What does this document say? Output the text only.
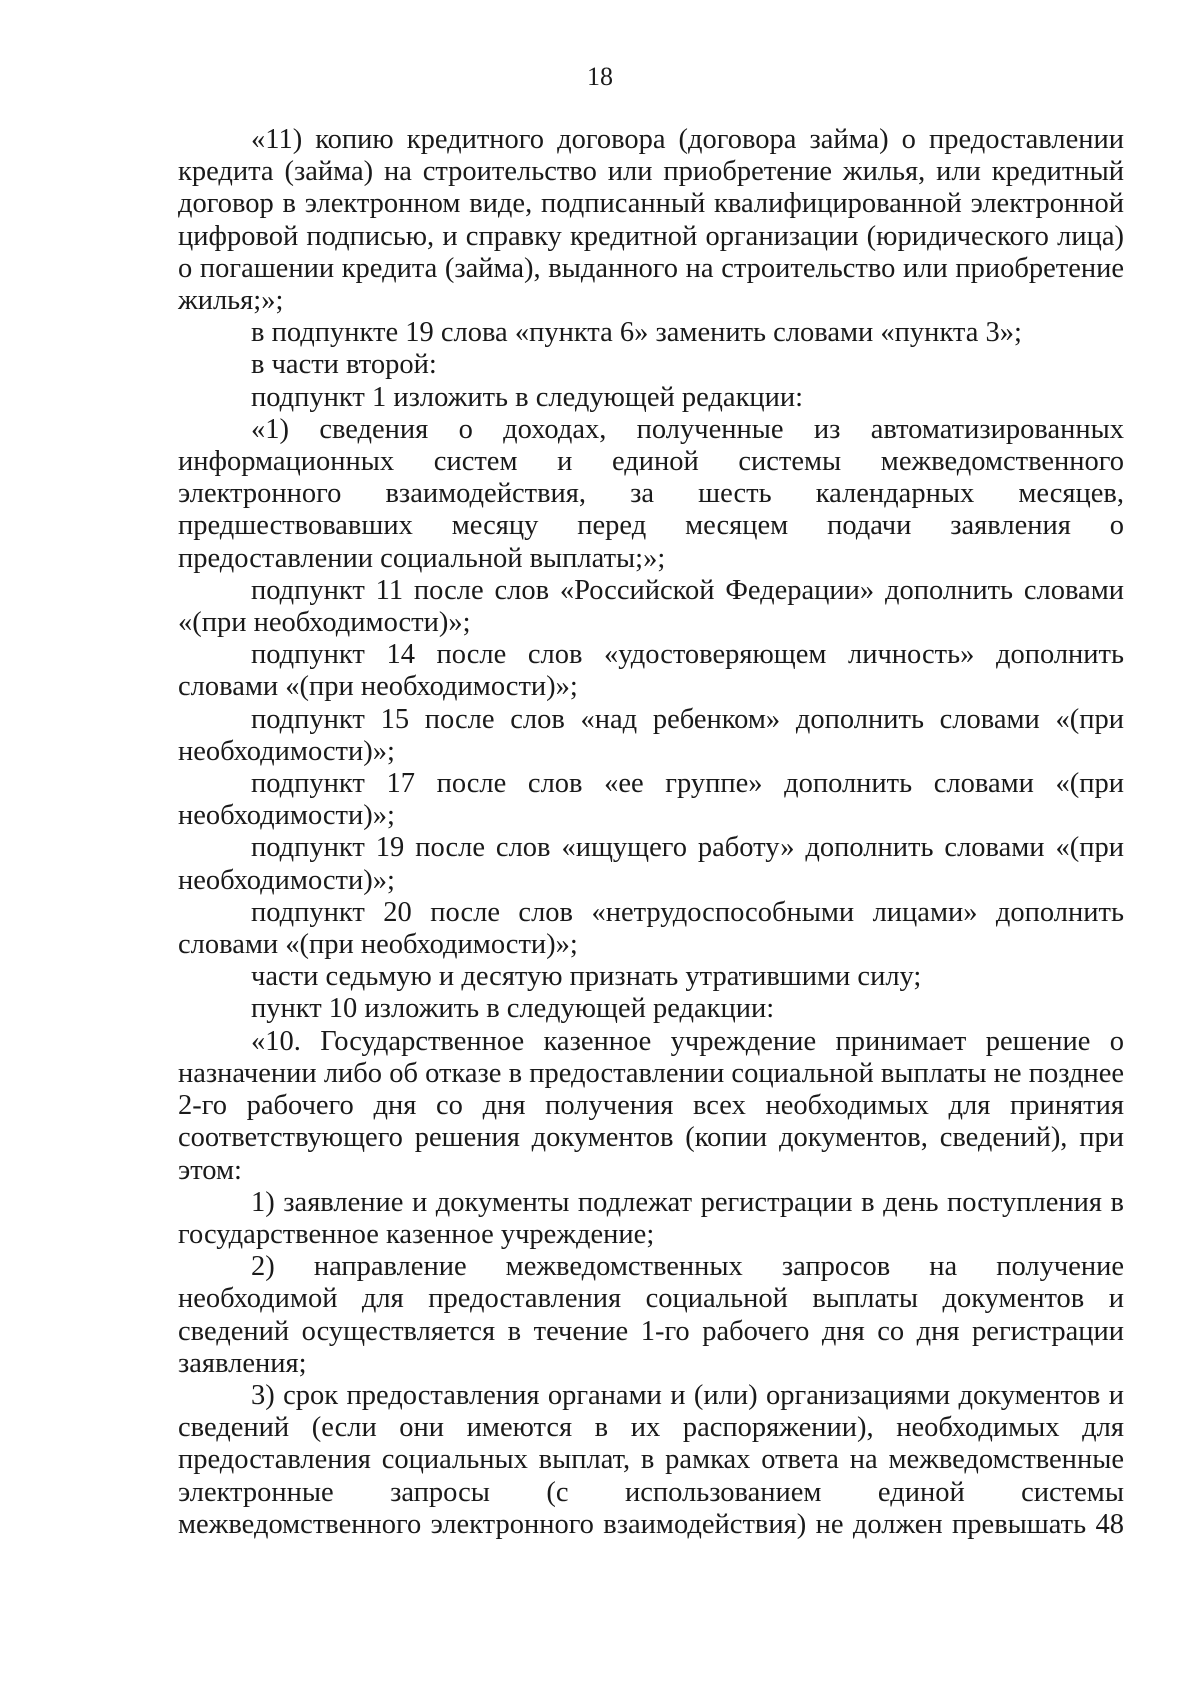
18

«11) копию кредитного договора (договора займа) о предоставлении кредита (займа) на строительство или приобретение жилья, или кредитный договор в электронном виде, подписанный квалифицированной электронной цифровой подписью, и справку кредитной организации (юридического лица) о погашении кредита (займа), выданного на строительство или приобретение жилья;»;

в подпункте 19 слова «пункта 6» заменить словами «пункта 3»;

в части второй:

подпункт 1 изложить в следующей редакции:

«1) сведения о доходах, полученные из автоматизированных информационных систем и единой системы межведомственного электронного взаимодействия, за шесть календарных месяцев, предшествовавших месяцу перед месяцем подачи заявления о предоставлении социальной выплаты;»;

подпункт 11 после слов «Российской Федерации» дополнить словами «(при необходимости)»;

подпункт 14 после слов «удостоверяющем личность» дополнить словами «(при необходимости)»;

подпункт 15 после слов «над ребенком» дополнить словами «(при необходимости)»;

подпункт 17 после слов «ее группе» дополнить словами «(при необходимости)»;

подпункт 19 после слов «ищущего работу» дополнить словами «(при необходимости)»;

подпункт 20 после слов «нетрудоспособными лицами» дополнить словами «(при необходимости)»;

части седьмую и десятую признать утратившими силу;

пункт 10 изложить в следующей редакции:

«10. Государственное казенное учреждение принимает решение о назначении либо об отказе в предоставлении социальной выплаты не позднее 2-го рабочего дня со дня получения всех необходимых для принятия соответствующего решения документов (копии документов, сведений), при этом:

1) заявление и документы подлежат регистрации в день поступления в государственное казенное учреждение;

2) направление межведомственных запросов на получение необходимой для предоставления социальной выплаты документов и сведений осуществляется в течение 1-го рабочего дня со дня регистрации заявления;

3) срок предоставления органами и (или) организациями документов и сведений (если они имеются в их распоряжении), необходимых для предоставления социальных выплат, в рамках ответа на межведомственные электронные запросы (с использованием единой системы межведомственного электронного взаимодействия) не должен превышать 48
